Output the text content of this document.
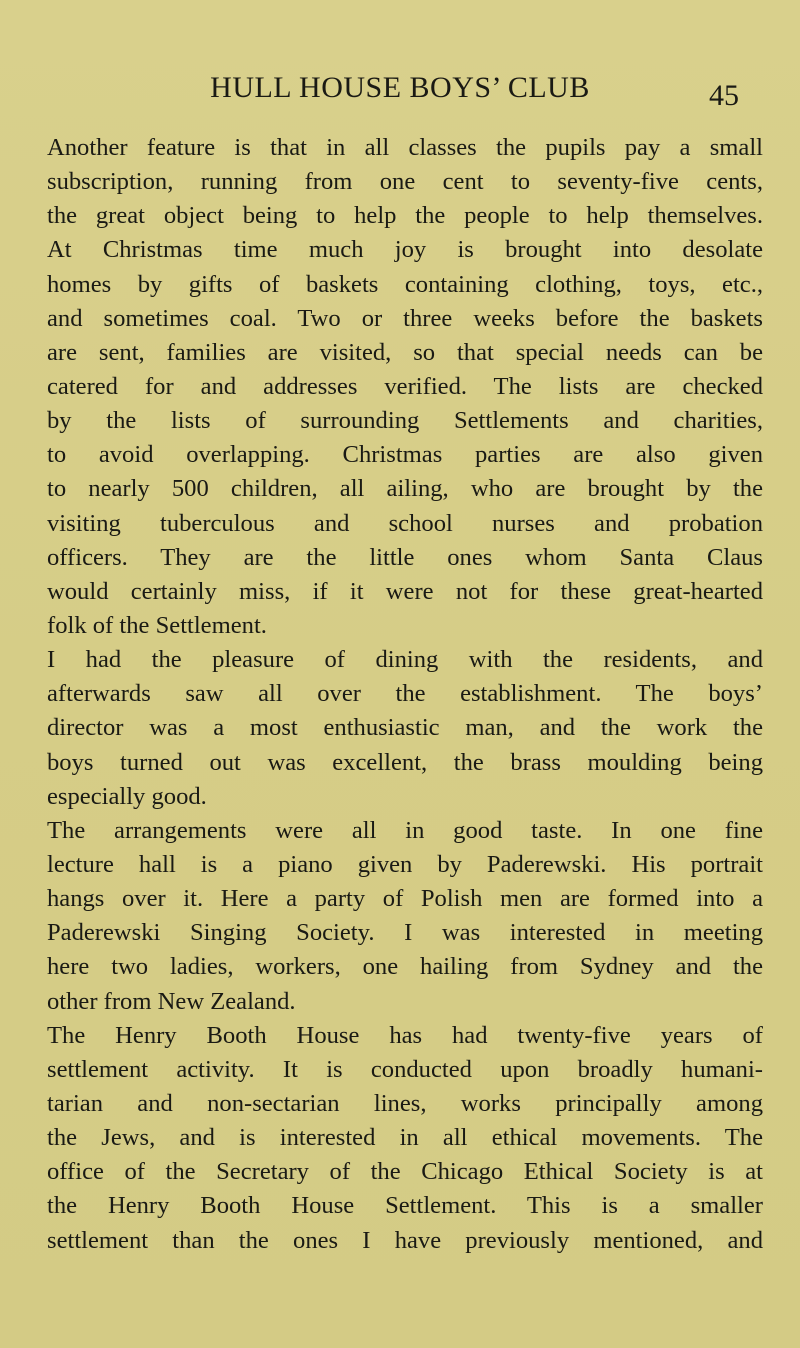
HULL HOUSE BOYS’ CLUB	45
Another feature is that in all classes the pupils pay a small
subscription, running from one cent to seventy-five cents,
the great object being to help the people to help themselves.
At Christmas time much joy is brought into desolate
homes by gifts of baskets containing clothing, toys, etc.,
and sometimes coal. Two or three weeks before the baskets
are sent, families are visited, so that special needs can be
catered for and addresses verified. The lists are checked
by the lists of surrounding Settlements and charities,
to avoid overlapping. Christmas parties are also given
to nearly 500 children, all ailing, who are brought by the
visiting tuberculous and school nurses and probation
officers. They are the little ones whom Santa Claus
would certainly miss, if it were not for these great-hearted
folk of the Settlement.
I had the pleasure of dining with the residents, and
afterwards saw all over the establishment. The boys’
director was a most enthusiastic man, and the work the
boys turned out was excellent, the brass moulding being
especially good.
The arrangements were all in good taste. In one fine
lecture hall is a piano given by Paderewski. His portrait
hangs over it. Here a party of Polish men are formed into a
Paderewski Singing Society. I was interested in meeting
here two ladies, workers, one hailing from Sydney and the
other from New Zealand.
The Henry Booth House has had twenty-five years of
settlement activity. It is conducted upon broadly humani-
tarian and non-sectarian lines, works principally among
the Jews, and is interested in all ethical movements. The
office of the Secretary of the Chicago Ethical Society is at
the Henry Booth House Settlement. This is a smaller
settlement than the ones I have previously mentioned, and
